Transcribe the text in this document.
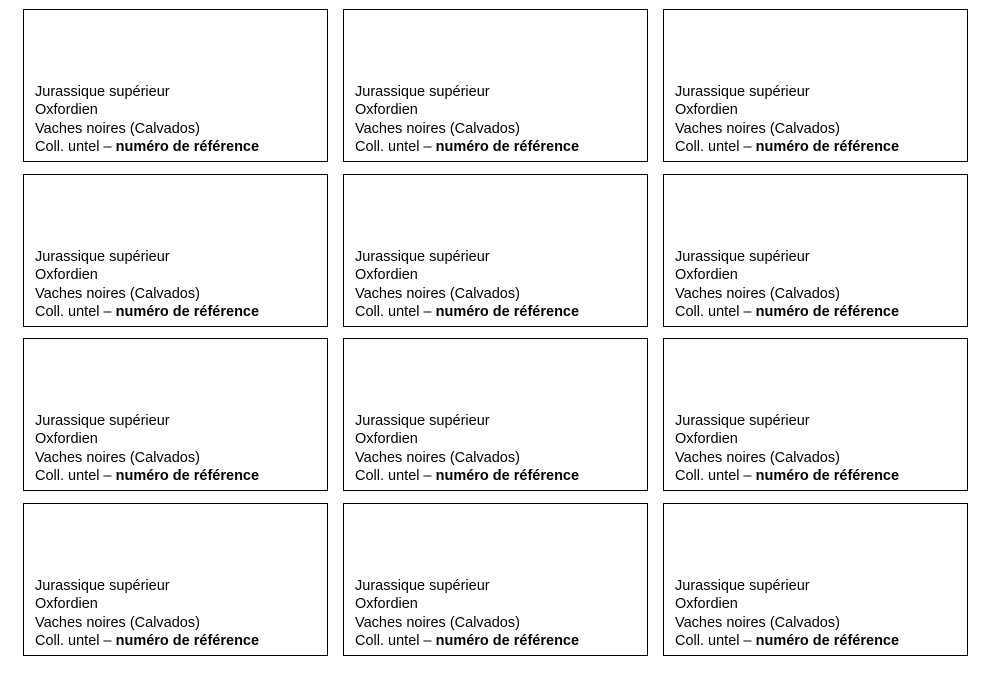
Jurassique supérieur
Oxfordien
Vaches noires (Calvados)
Coll. untel – numéro de référence
Jurassique supérieur
Oxfordien
Vaches noires (Calvados)
Coll. untel – numéro de référence
Jurassique supérieur
Oxfordien
Vaches noires (Calvados)
Coll. untel – numéro de référence
Jurassique supérieur
Oxfordien
Vaches noires (Calvados)
Coll. untel – numéro de référence
Jurassique supérieur
Oxfordien
Vaches noires (Calvados)
Coll. untel – numéro de référence
Jurassique supérieur
Oxfordien
Vaches noires (Calvados)
Coll. untel – numéro de référence
Jurassique supérieur
Oxfordien
Vaches noires (Calvados)
Coll. untel – numéro de référence
Jurassique supérieur
Oxfordien
Vaches noires (Calvados)
Coll. untel – numéro de référence
Jurassique supérieur
Oxfordien
Vaches noires (Calvados)
Coll. untel – numéro de référence
Jurassique supérieur
Oxfordien
Vaches noires (Calvados)
Coll. untel – numéro de référence
Jurassique supérieur
Oxfordien
Vaches noires (Calvados)
Coll. untel – numéro de référence
Jurassique supérieur
Oxfordien
Vaches noires (Calvados)
Coll. untel – numéro de référence
